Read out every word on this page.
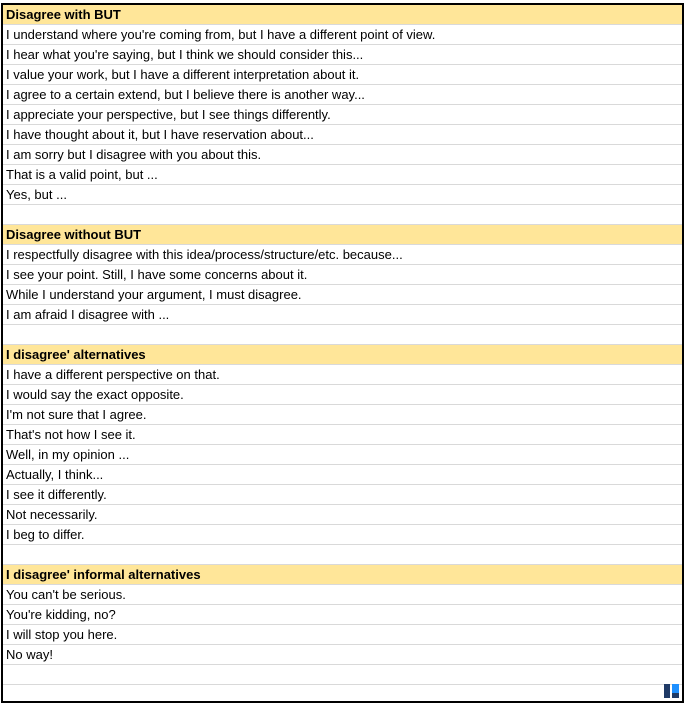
Disagree with BUT
I understand where you're coming from, but I have a different point of view.
I hear what you're saying, but I think we should consider this...
I value your work, but I have a different interpretation about it.
I agree to a certain extend, but I believe there is another way...
I appreciate your perspective, but I see things differently.
I have thought about it, but I have reservation about...
I am sorry but I disagree with you about this.
That is a valid point, but ...
Yes, but ...
Disagree without BUT
I respectfully disagree with this idea/process/structure/etc. because...
I see your point. Still, I have some concerns about it.
While I understand your argument, I must disagree.
I am afraid I disagree with ...
I disagree' alternatives
I have a different perspective on that.
I would say the exact opposite.
I'm not sure that I agree.
That's not how I see it.
Well, in my opinion ...
Actually, I think...
I see it differently.
Not necessarily.
I beg to differ.
I disagree' informal alternatives
You can't be serious.
You're kidding, no?
I will stop you here.
No way!
